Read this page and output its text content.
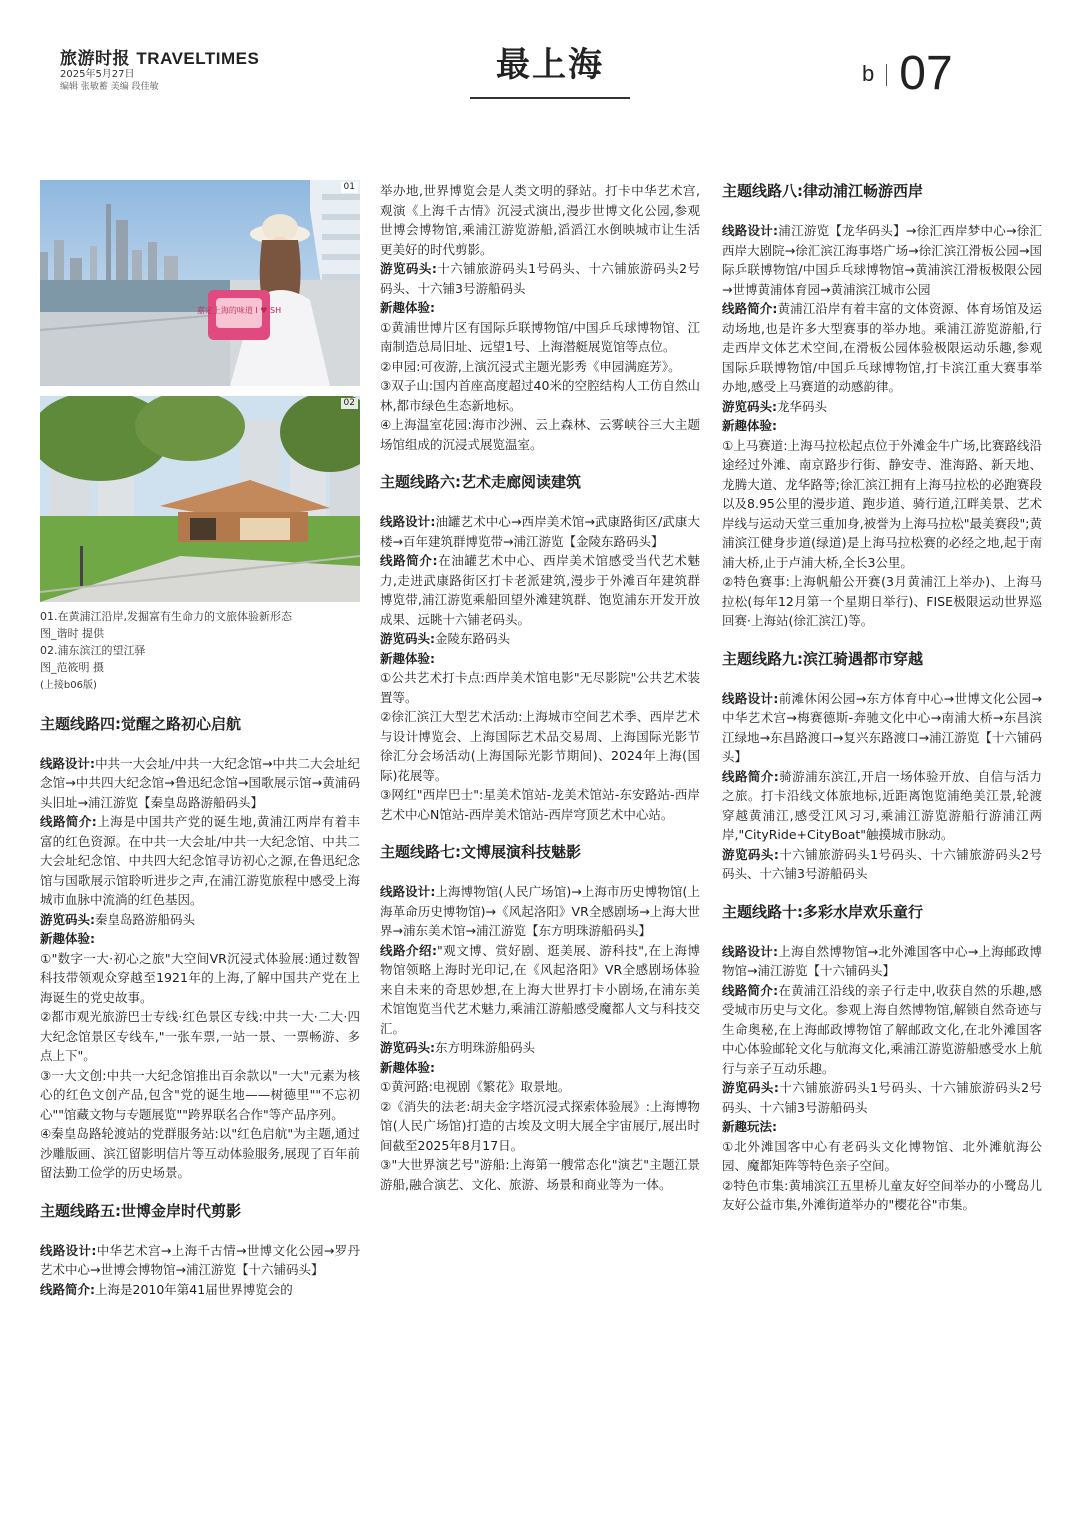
旅游时报 TRAVELTIMES
2025年5月27日
编辑 张敏蓄 美编 段佳敏
最上海	b 07
嘉定上海的味道 I ♥ SH
01
02

01.在黄浦江沿岸,发掘富有生命力的文旅体验新形态

图_谐时 提供

02.浦东滨江的望江驿

图_范筱明 摄

(上接b06版)

主题线路四:觉醒之路初心启航

线路设计:中共一大会址/中共一大纪念馆→中共二大会址纪念馆→中共四大纪念馆→鲁迅纪念馆→国歌展示馆→黄浦码头旧址→浦江游览【秦皇岛路游船码头】

线路简介:上海是中国共产党的诞生地,黄浦江两岸有着丰富的红色资源。在中共一大会址/中共一大纪念馆、中共二大会址纪念馆、中共四大纪念馆寻访初心之源,在鲁迅纪念馆与国歌展示馆聆听进步之声,在浦江游览旅程中感受上海城市血脉中流淌的红色基因。

游览码头:秦皇岛路游船码头

新趣体验:

①"数字一大·初心之旅"大空间VR沉浸式体验展:通过数智科技带领观众穿越至1921年的上海,了解中国共产党在上海诞生的党史故事。

②都市观光旅游巴士专线·红色景区专线:中共一大·二大·四大纪念馆景区专线车,"一张车票,一站一景、一票畅游、多点上下"。

③一大文创:中共一大纪念馆推出百余款以"一大"元素为核心的红色文创产品,包含"党的诞生地——树德里""不忘初心""馆藏文物与专题展览""跨界联名合作"等产品序列。

④秦皇岛路轮渡站的党群服务站:以"红色启航"为主题,通过沙雕版画、滨江留影明信片等互动体验服务,展现了百年前留法勤工俭学的历史场景。

主题线路五:世博金岸时代剪影

线路设计:中华艺术宫→上海千古情→世博文化公园→罗丹艺术中心→世博会博物馆→浦江游览【十六铺码头】

线路简介:上海是2010年第41届世界博览会的

举办地,世界博览会是人类文明的驿站。打卡中华艺术宫,观演《上海千古情》沉浸式演出,漫步世博文化公园,参观世博会博物馆,乘浦江游览游船,滔滔江水倒映城市让生活更美好的时代剪影。

游览码头:十六铺旅游码头1号码头、十六铺旅游码头2号码头、十六铺3号游船码头

新趣体验:

①黄浦世博片区有国际乒联博物馆/中国乒乓球博物馆、江南制造总局旧址、远望1号、上海潜艇展览馆等点位。

②申园:可夜游,上演沉浸式主题光影秀《申园满庭芳》。

③双子山:国内首座高度超过40米的空腔结构人工仿自然山林,都市绿色生态新地标。

④上海温室花园:海市沙洲、云上森林、云雾峡谷三大主题场馆组成的沉浸式展览温室。

主题线路六:艺术走廊阅读建筑

线路设计:油罐艺术中心→西岸美术馆→武康路街区/武康大楼→百年建筑群博览带→浦江游览【金陵东路码头】

线路简介:在油罐艺术中心、西岸美术馆感受当代艺术魅力,走进武康路街区打卡老派建筑,漫步于外滩百年建筑群博览带,浦江游览乘船回望外滩建筑群、饱览浦东开发开放成果、远眺十六铺老码头。

游览码头:金陵东路码头

新趣体验:

①公共艺术打卡点:西岸美术馆电影"无尽影院"公共艺术装置等。

②徐汇滨江大型艺术活动:上海城市空间艺术季、西岸艺术与设计博览会、上海国际艺术品交易周、上海国际光影节徐汇分会场活动(上海国际光影节期间)、2024年上海(国际)花展等。

③网红"西岸巴士":星美术馆站-龙美术馆站-东安路站-西岸艺术中心N馆站-西岸美术馆站-西岸穹顶艺术中心站。

主题线路七:文博展演科技魅影

线路设计:上海博物馆(人民广场馆)→上海市历史博物馆(上海革命历史博物馆)→《风起洛阳》VR全感剧场→上海大世界→浦东美术馆→浦江游览【东方明珠游船码头】

线路介绍:"观文博、赏好剧、逛美展、游科技",在上海博物馆领略上海时光印记,在《风起洛阳》VR全感剧场体验来自未来的奇思妙想,在上海大世界打卡小剧场,在浦东美术馆饱览当代艺术魅力,乘浦江游船感受魔都人文与科技交汇。

游览码头:东方明珠游船码头

新趣体验:

①黄河路:电视剧《繁花》取景地。

②《消失的法老:胡夫金字塔沉浸式探索体验展》:上海博物馆(人民广场馆)打造的古埃及文明大展全宇宙展厅,展出时间截至2025年8月17日。

③"大世界演艺号"游船:上海第一艘常态化"演艺"主题江景游船,融合演艺、文化、旅游、场景和商业等为一体。

主题线路八:律动浦江畅游西岸

线路设计:浦江游览【龙华码头】→徐汇西岸梦中心→徐汇西岸大剧院→徐汇滨江海事塔广场→徐汇滨江滑板公园→国际乒联博物馆/中国乒乓球博物馆→黄浦滨江滑板极限公园→世博黄浦体育园→黄浦滨江城市公园

线路简介:黄浦江沿岸有着丰富的文体资源、体育场馆及运动场地,也是许多大型赛事的举办地。乘浦江游览游船,行走西岸文体艺术空间,在滑板公园体验极限运动乐趣,参观国际乒联博物馆/中国乒乓球博物馆,打卡滨江重大赛事举办地,感受上马赛道的动感韵律。

游览码头:龙华码头

新趣体验:

①上马赛道:上海马拉松起点位于外滩金牛广场,比赛路线沿途经过外滩、南京路步行街、静安寺、淮海路、新天地、龙腾大道、龙华路等;徐汇滨江拥有上海马拉松的必跑赛段以及8.95公里的漫步道、跑步道、骑行道,江畔美景、艺术岸线与运动天堂三重加身,被誉为上海马拉松"最美赛段";黄浦滨江健身步道(绿道)是上海马拉松赛的必经之地,起于南浦大桥,止于卢浦大桥,全长3公里。

②特色赛事:上海帆船公开赛(3月黄浦江上举办)、上海马拉松(每年12月第一个星期日举行)、FISE极限运动世界巡回赛·上海站(徐汇滨江)等。

主题线路九:滨江骑遇都市穿越

线路设计:前滩休闲公园→东方体育中心→世博文化公园→中华艺术宫→梅赛德斯-奔驰文化中心→南浦大桥→东昌滨江绿地→东昌路渡口→复兴东路渡口→浦江游览【十六铺码头】

线路简介:骑游浦东滨江,开启一场体验开放、自信与活力之旅。打卡沿线文体旅地标,近距离饱览浦绝美江景,轮渡穿越黄浦江,感受江风习习,乘浦江游览游船行游浦江两岸,"CityRide+CityBoat"触摸城市脉动。

游览码头:十六铺旅游码头1号码头、十六铺旅游码头2号码头、十六铺3号游船码头

主题线路十:多彩水岸欢乐童行

线路设计:上海自然博物馆→北外滩国客中心→上海邮政博物馆→浦江游览【十六铺码头】

线路简介:在黄浦江沿线的亲子行走中,收获自然的乐趣,感受城市历史与文化。参观上海自然博物馆,解锁自然奇迹与生命奥秘,在上海邮政博物馆了解邮政文化,在北外滩国客中心体验邮轮文化与航海文化,乘浦江游览游船感受水上航行与亲子互动乐趣。

游览码头:十六铺旅游码头1号码头、十六铺旅游码头2号码头、十六铺3号游船码头

新趣玩法:

①北外滩国客中心有老码头文化博物馆、北外滩航海公园、魔都矩阵等特色亲子空间。

②特色市集:黄埔滨江五里桥儿童友好空间举办的小鹭岛儿友好公益市集,外滩街道举办的"樱花谷"市集。
